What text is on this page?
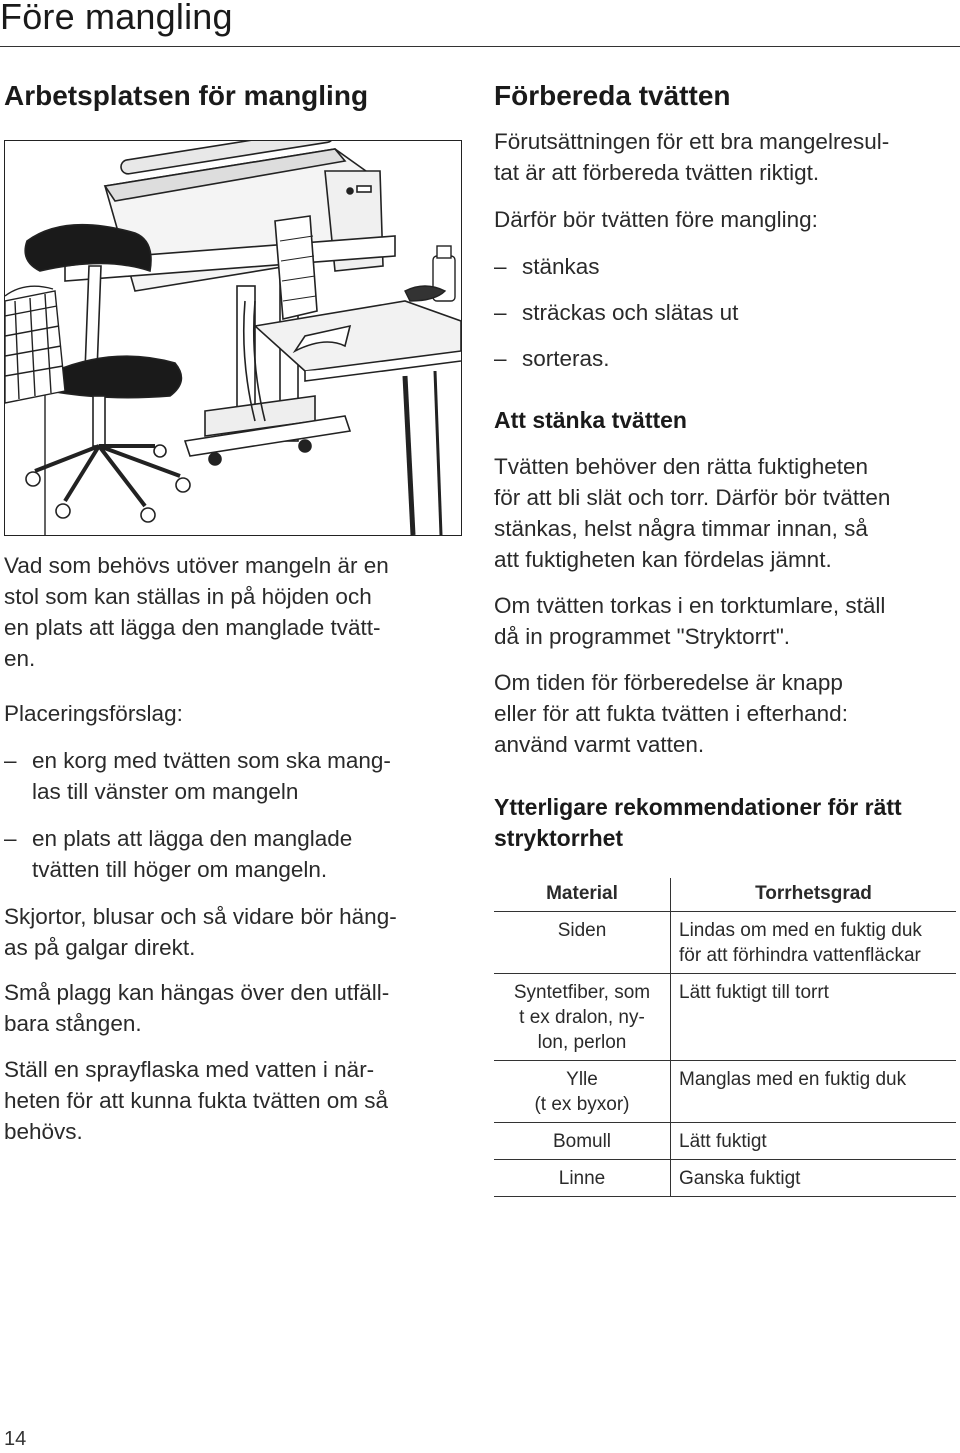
Före mangling
Arbetsplatsen för mangling

Vad som behövs utöver mangeln är en

stol som kan ställas in på höjden och

en plats att lägga den manglade tvätt-

en.

Placeringsförslag:

– en korg med tvätten som ska mang-
las till vänster om mangeln
– en plats att lägga den manglade
tvätten till höger om mangeln.

Skjortor, blusar och så vidare bör häng-

as på galgar direkt.

Små plagg kan hängas över den utfäll-

bara stången.

Ställ en sprayflaska med vatten i när-

heten för att kunna fukta tvätten om så

behövs.

Förbereda tvätten

Förutsättningen för ett bra mangelresul-

tat är att förbereda tvätten riktigt.

Därför bör tvätten före mangling:

– stänkas
– sträckas och slätas ut
– sorteras.
Att stänka tvätten

Tvätten behöver den rätta fuktigheten

för att bli slät och torr. Därför bör tvätten

stänkas, helst några timmar innan, så

att fuktigheten kan fördelas jämnt.

Om tvätten torkas i en torktumlare, ställ

då in programmet "Stryktorrt".

Om tiden för förberedelse är knapp

eller för att fukta tvätten i efterhand:

använd varmt vatten.

Ytterligare rekommendationer för rätt
stryktorrhet
Material	Torrhetsgrad

Siden	Lindas om med en fuktig duk
för att förhindra vattenfläckar

Syntetfiber, som
t ex dralon, ny-
lon, perlon	Lätt fuktigt till torrt

Ylle
(t ex byxor)	Manglas med en fuktig duk

Bomull	Lätt fuktigt

Linne	Ganska fuktigt
14
